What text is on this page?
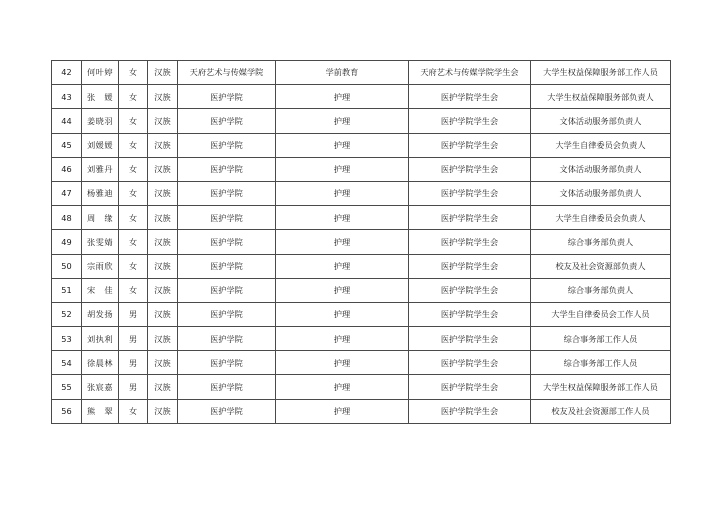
42	何叶婷	女	汉族	天府艺术与传媒学院	学前教育	天府艺术与传媒学院学生会	大学生权益保障服务部工作人员
43	张　媛	女	汉族	医护学院	护理	医护学院学生会	大学生权益保障服务部负责人
44	姜晓羽	女	汉族	医护学院	护理	医护学院学生会	文体活动服务部负责人
45	刘媛媛	女	汉族	医护学院	护理	医护学院学生会	大学生自律委员会负责人
46	刘雅丹	女	汉族	医护学院	护理	医护学院学生会	文体活动服务部负责人
47	杨雅迪	女	汉族	医护学院	护理	医护学院学生会	文体活动服务部负责人
48	周　缘	女	汉族	医护学院	护理	医护学院学生会	大学生自律委员会负责人
49	张雯婧	女	汉族	医护学院	护理	医护学院学生会	综合事务部负责人
50	宗雨欣	女	汉族	医护学院	护理	医护学院学生会	校友及社会资源部负责人
51	宋　佳	女	汉族	医护学院	护理	医护学院学生会	综合事务部负责人
52	胡发扬	男	汉族	医护学院	护理	医护学院学生会	大学生自律委员会工作人员
53	刘执利	男	汉族	医护学院	护理	医护学院学生会	综合事务部工作人员
54	徐晨林	男	汉族	医护学院	护理	医护学院学生会	综合事务部工作人员
55	张宸嘉	男	汉族	医护学院	护理	医护学院学生会	大学生权益保障服务部工作人员
56	熊　翠	女	汉族	医护学院	护理	医护学院学生会	校友及社会资源部工作人员
